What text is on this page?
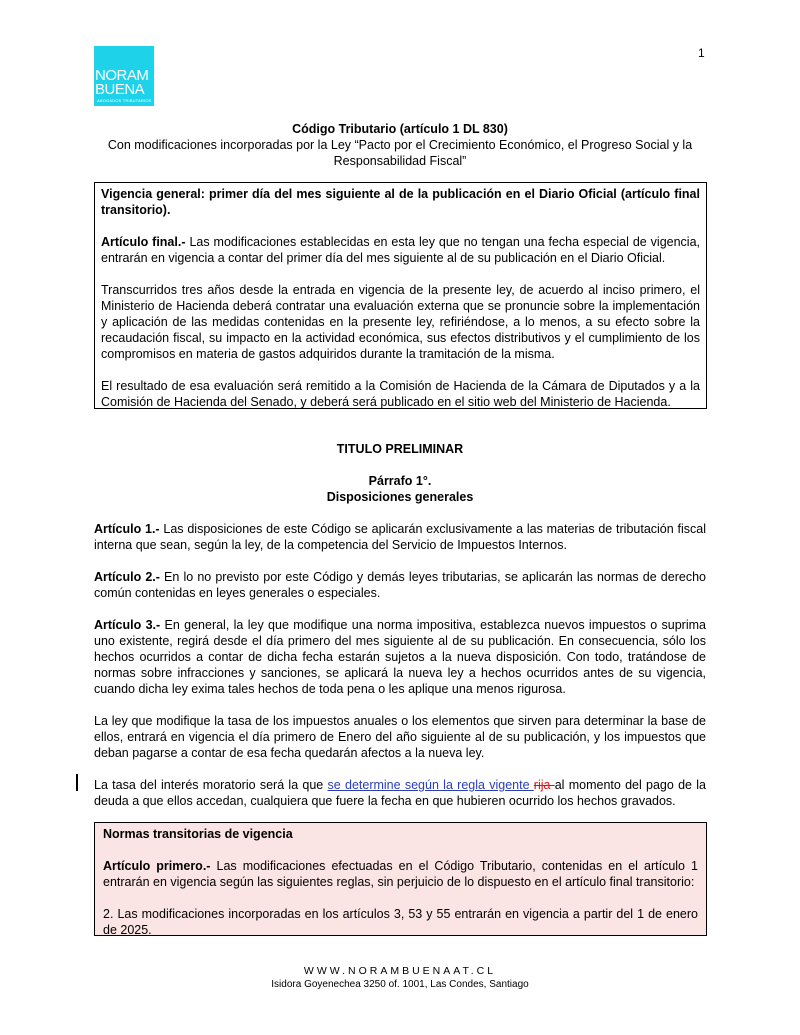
1
NORAM
BUENA
ABOGADOS TRIBUTARIOS
Código Tributario (artículo 1 DL 830)
Con modificaciones incorporadas por la Ley “Pacto por el Crecimiento Económico, el Progreso Social y la Responsabilidad Fiscal”

Vigencia general: primer día del mes siguiente al de la publicación en el Diario Oficial (artículo final transitorio).

Artículo final.- Las modificaciones establecidas en esta ley que no tengan una fecha especial de vigencia, entrarán en vigencia a contar del primer día del mes siguiente al de su publicación en el Diario Oficial.

Transcurridos tres años desde la entrada en vigencia de la presente ley, de acuerdo al inciso primero, el Ministerio de Hacienda deberá contratar una evaluación externa que se pronuncie sobre la implementación y aplicación de las medidas contenidas en la presente ley, refiriéndose, a lo menos, a su efecto sobre la recaudación fiscal, su impacto en la actividad económica, sus efectos distributivos y el cumplimiento de los compromisos en materia de gastos adquiridos durante la tramitación de la misma.

El resultado de esa evaluación será remitido a la Comisión de Hacienda de la Cámara de Diputados y a la Comisión de Hacienda del Senado, y deberá será publicado en el sitio web del Ministerio de Hacienda.

TITULO PRELIMINAR
Párrafo 1°.
Disposiciones generales
Artículo 1.- Las disposiciones de este Código se aplicarán exclusivamente a las materias de tributación fiscal interna que sean, según la ley, de la competencia del Servicio de Impuestos Internos.
Artículo 2.- En lo no previsto por este Código y demás leyes tributarias, se aplicarán las normas de derecho común contenidas en leyes generales o especiales.
Artículo 3.- En general, la ley que modifique una norma impositiva, establezca nuevos impuestos o suprima uno existente, regirá desde el día primero del mes siguiente al de su publicación. En consecuencia, sólo los hechos ocurridos a contar de dicha fecha estarán sujetos a la nueva disposición. Con todo, tratándose de normas sobre infracciones y sanciones, se aplicará la nueva ley a hechos ocurridos antes de su vigencia, cuando dicha ley exima tales hechos de toda pena o les aplique una menos rigurosa.
La ley que modifique la tasa de los impuestos anuales o los elementos que sirven para determinar la base de ellos, entrará en vigencia el día primero de Enero del año siguiente al de su publicación, y los impuestos que deban pagarse a contar de esa fecha quedarán afectos a la nueva ley.
La tasa del interés moratorio será la que se determine según la regla vigente rija al momento del pago de la deuda a que ellos accedan, cualquiera que fuere la fecha en que hubieren ocurrido los hechos gravados.

Normas transitorias de vigencia

Artículo primero.- Las modificaciones efectuadas en el Código Tributario, contenidas en el artículo 1 entrarán en vigencia según las siguientes reglas, sin perjuicio de lo dispuesto en el artículo final transitorio:

2. Las modificaciones incorporadas en los artículos 3, 53 y 55 entrarán en vigencia a partir del 1 de enero de 2025.

WWW.NORAMBUENAAT.CL
Isidora Goyenechea 3250 of. 1001, Las Condes, Santiago
